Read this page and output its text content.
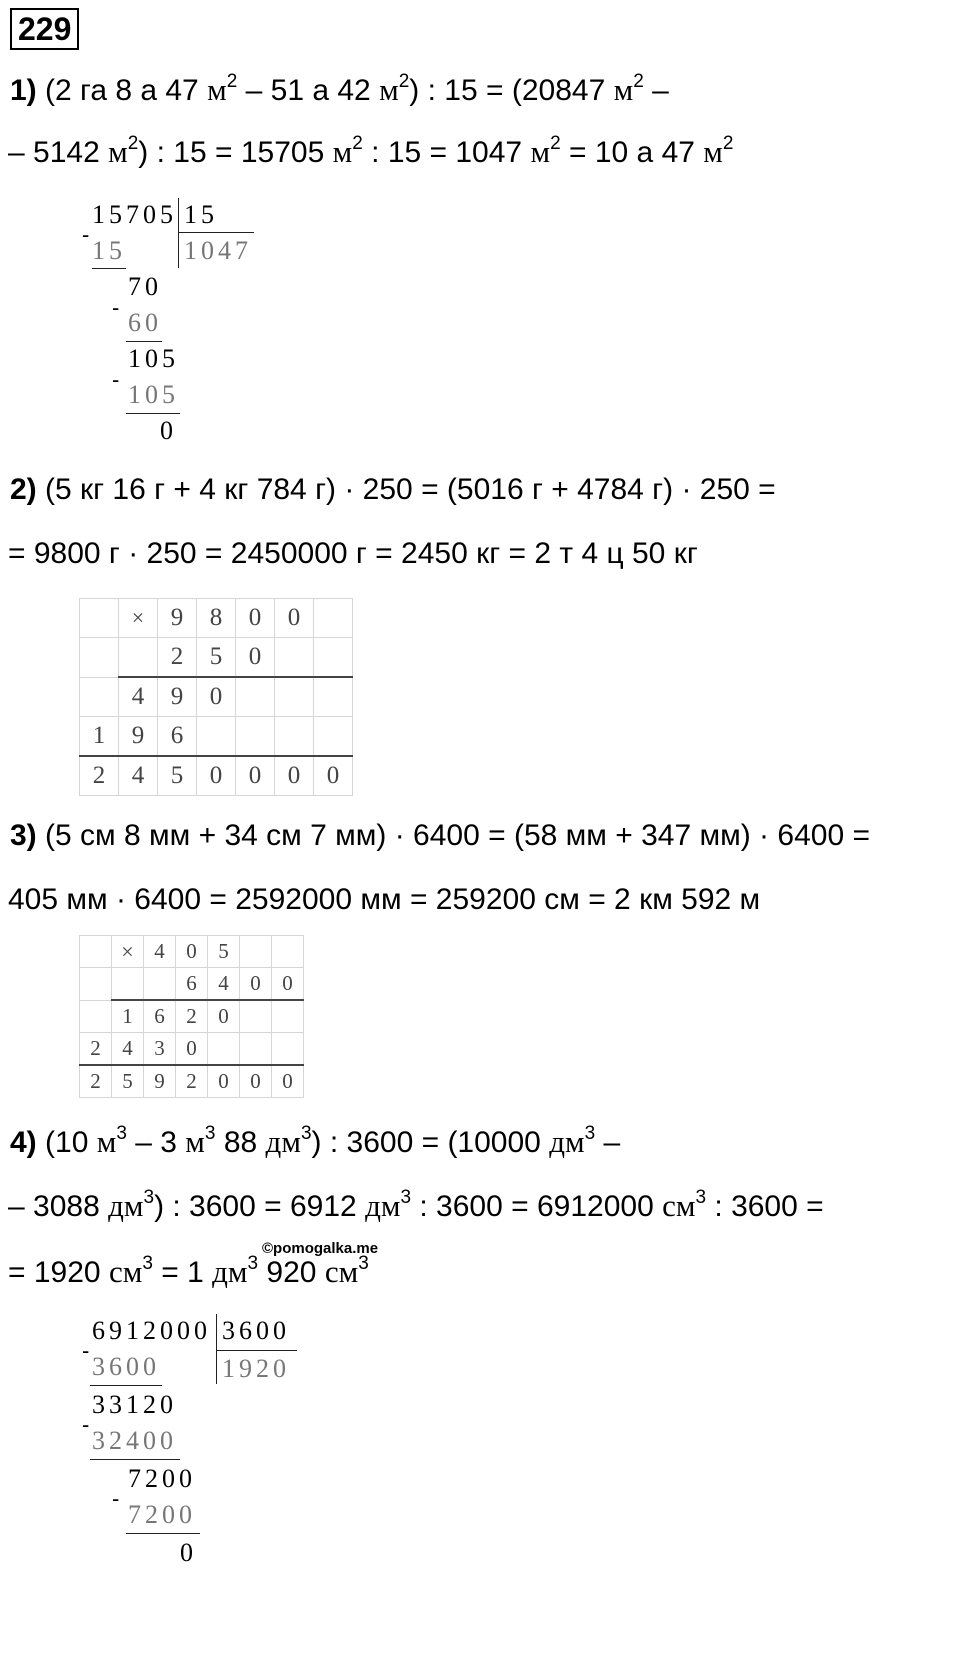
229
1) (2 га 8 а 47 $м^2 - 51$ а 42 $м^2$) : 15 = (20847 $м^2$ –
– 5142 $м^2$) : 15 = 15705 $м^2$ : 15 = 1047 $м^2 = 10$ а 47 $м^2$
-
15705 15
1047
15
70
-
60
105
-
105
0
2) (5 кг 16 г + 4 кг 784 г) · 250 = (5016 г + 4784 г) · 250 =
= 9800 г · 250 = 2450000 г = 2450 кг = 2 т 4 ц 50 кг
	×	9	8	0	0	
		2	5	0		
	4	9	0			
1	9	6				
2	4	5	0	0	0	0
3) (5 см 8 мм + 34 см 7 мм) · 6400 = (58 мм + 347 мм) · 6400 =
405 мм · 6400 = 2592000 мм = 259200 см = 2 км 592 м
	×	4	0	5		
			6	4	0	0
	1	6	2	0		
2	4	3	0			
2	5	9	2	0	0	0
4) (10 $м^3 - 3$ $м^3$ 88 $дм^3$) : 3600 = (10000 $дм^3$ –
– 3088 $дм^3$) : 3600 = 6912 $дм^3$ : 3600 = 6912000 $см^3$ : 3600 =
©pomogalka.me
= 1920 $см^3 = 1$ $дм^3$ 920 $см^3$
-
6912000 3600
1920
3600
33120
-
32400
7200
-
7200
0
